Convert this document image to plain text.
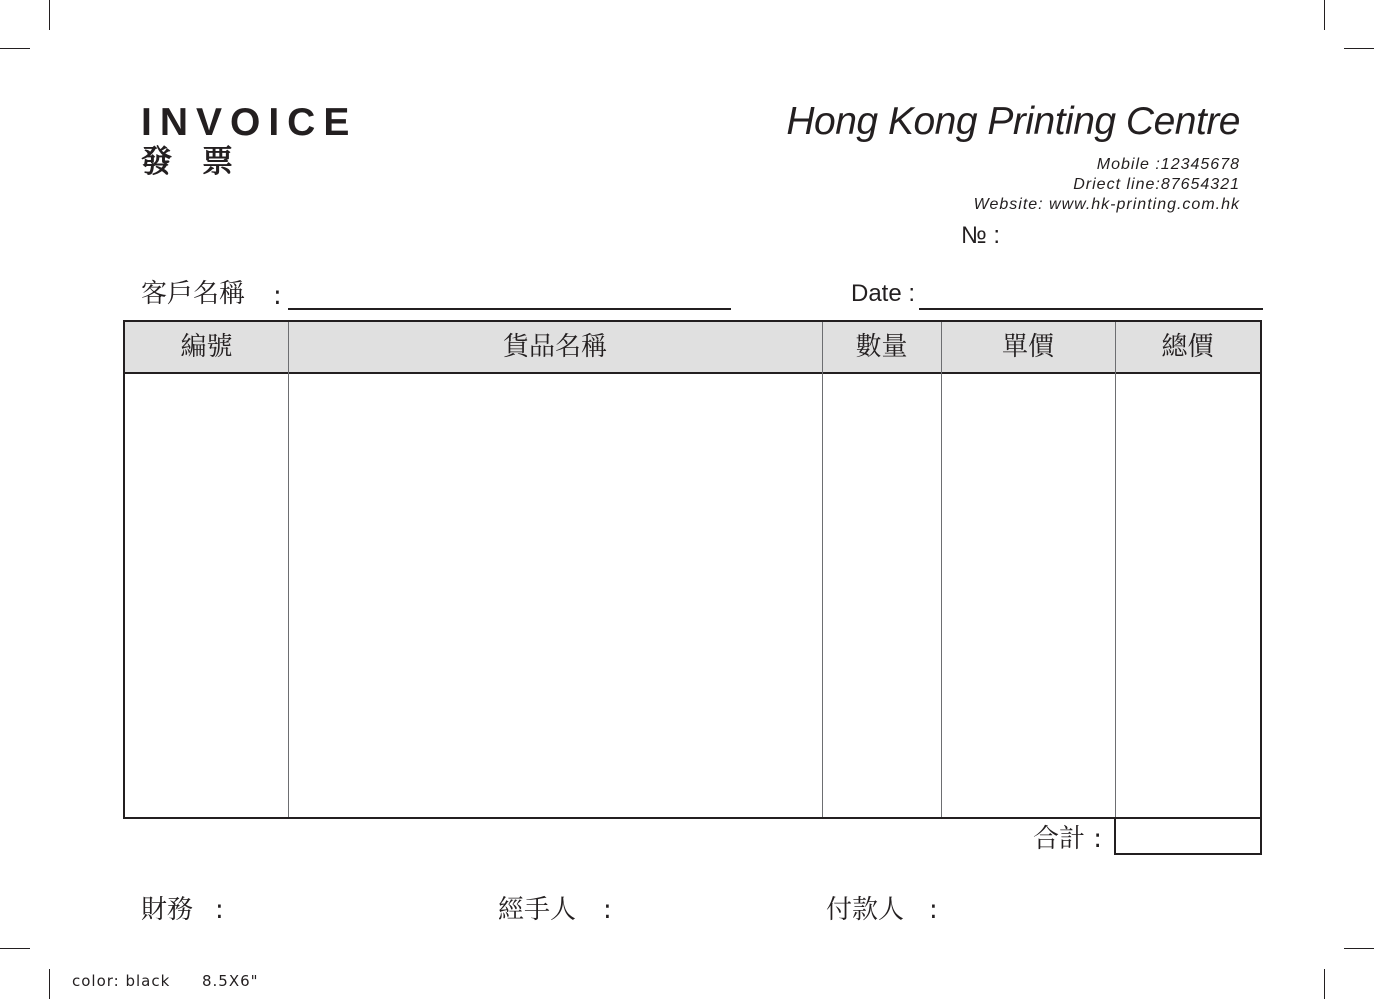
INVOICE
發票
Hong Kong Printing Centre
Mobile :12345678
Driect line:87654321
Website: www.hk-printing.com.hk
№ :
客戶名稱 :	Date :
編號	貨品名稱	數量	單價	總價
合計 :
財務 :	經手人 :	付款人 :
color: black 8.5X6"
